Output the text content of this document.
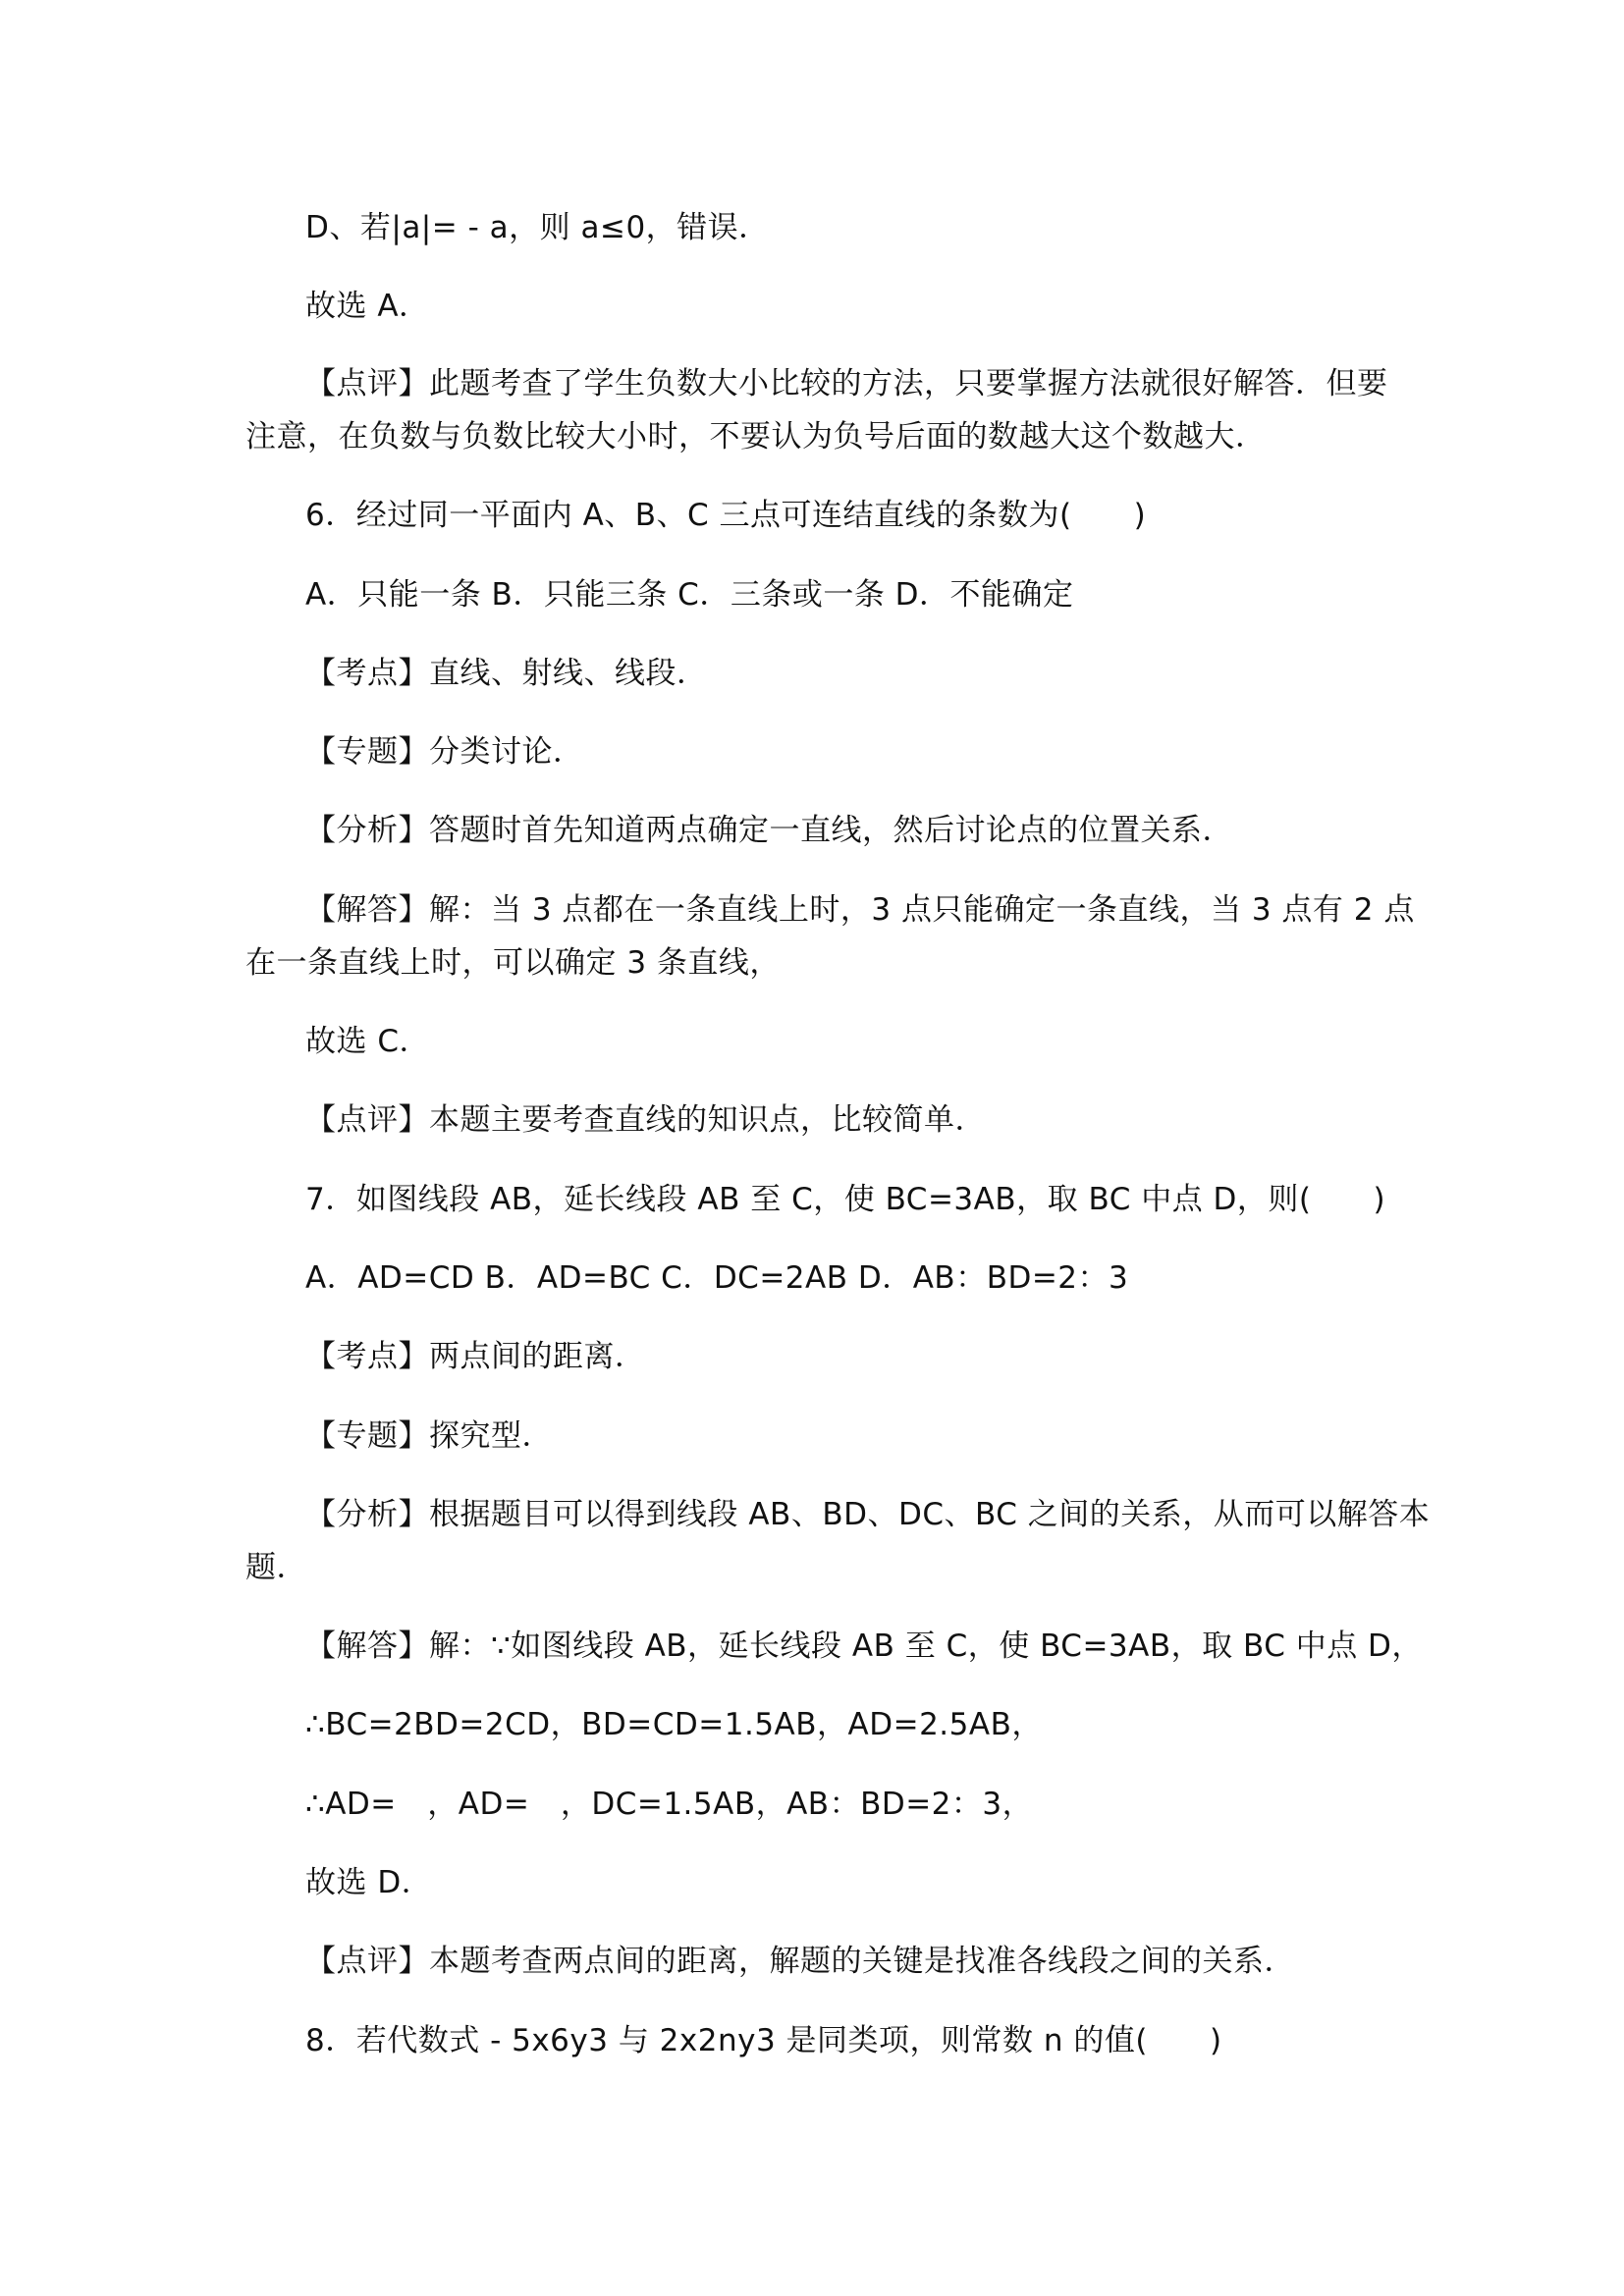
D、若|a|= - a，则 a≤0，错误．
故选 A．
【点评】此题考查了学生负数大小比较的方法，只要掌握方法就很好解答．但要
注意，在负数与负数比较大小时，不要认为负号后面的数越大这个数越大．
6．经过同一平面内 A、B、C 三点可连结直线的条数为(　　)
A．只能一条 B．只能三条 C．三条或一条 D．不能确定
【考点】直线、射线、线段．
【专题】分类讨论．
【分析】答题时首先知道两点确定一直线，然后讨论点的位置关系．
【解答】解：当 3 点都在一条直线上时，3 点只能确定一条直线，当 3 点有 2 点
在一条直线上时，可以确定 3 条直线，
故选 C．
【点评】本题主要考查直线的知识点，比较简单．
7．如图线段 AB，延长线段 AB 至 C，使 BC=3AB，取 BC 中点 D，则(　　)
A．AD=CD B．AD=BC C．DC=2AB D．AB：BD=2：3
【考点】两点间的距离．
【专题】探究型．
【分析】根据题目可以得到线段 AB、BD、DC、BC 之间的关系，从而可以解答本
题．
【解答】解：∵如图线段 AB，延长线段 AB 至 C，使 BC=3AB，取 BC 中点 D，
∴BC=2BD=2CD，BD=CD=1.5AB，AD=2.5AB，
∴AD=　，AD=　，DC=1.5AB，AB：BD=2：3，
故选 D．
【点评】本题考查两点间的距离，解题的关键是找准各线段之间的关系．
8．若代数式 - 5x6y3 与 2x2ny3 是同类项，则常数 n 的值(　　)
